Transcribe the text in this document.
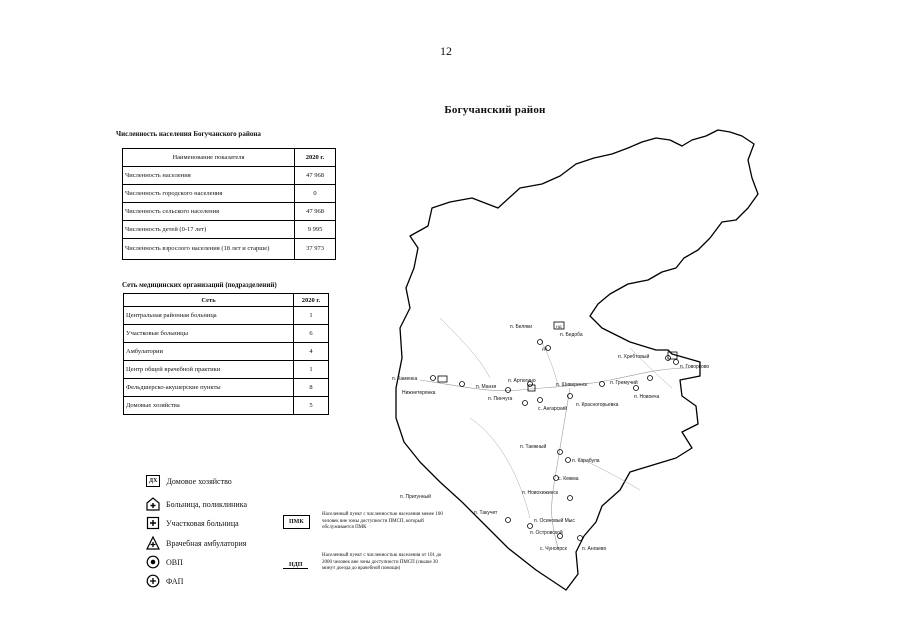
12
Богучанский район
Численность населения Богучанского района
Наименование показателя	2020 г.
Численность населения	47 968
Численность городского населения	0
Численность сельского населения	47 968
Численность детей (0-17 лет)	9 995
Численность взрослого населения (18 лет и старше)	37 973
Сеть медицинских организаций (подразделений)
Сеть	2020 г.
Центральная районная больница	1
Участковые больницы	6
Амбулатории	4
Центр общей врачебной практики	1
Фельдшерско-акушерские пункты	8
Домовые хозяйства	5
ДХ	Домовое хозяйство
Больница, поликлиника
Участковая больница
Врачебная амбулатория
ОВП
ФАП
ПМК
Населенный пункт с численностью населения менее 100 человек вне зоны доступности ПМСП, который обслуживается ПМК
НДП
Населенный пункт с численностью населения от 101 до 2000 человек вне зоны доступности ПМСП (свыше 30 минут доезда до врачебной помощи)
п. Беляки
п. Бедоба
п. Хребтовый
п. Говорково
п. Каменка
Нижнетерянка
п. Манзя
п. Артюгино
п. Шиверинск	п. Гремучий
п. Новоеча
п. Пинчуга
с. Ангарский
п. Красногорьевка
п. Таежный
п. Карабула
с. Кежма
п. Пригунный
п. Новохижинск
п. Такучет
п. Осиновый Мыс
п. Островской
с. Чуноярск	п. Ангаево
ДХ
НД
